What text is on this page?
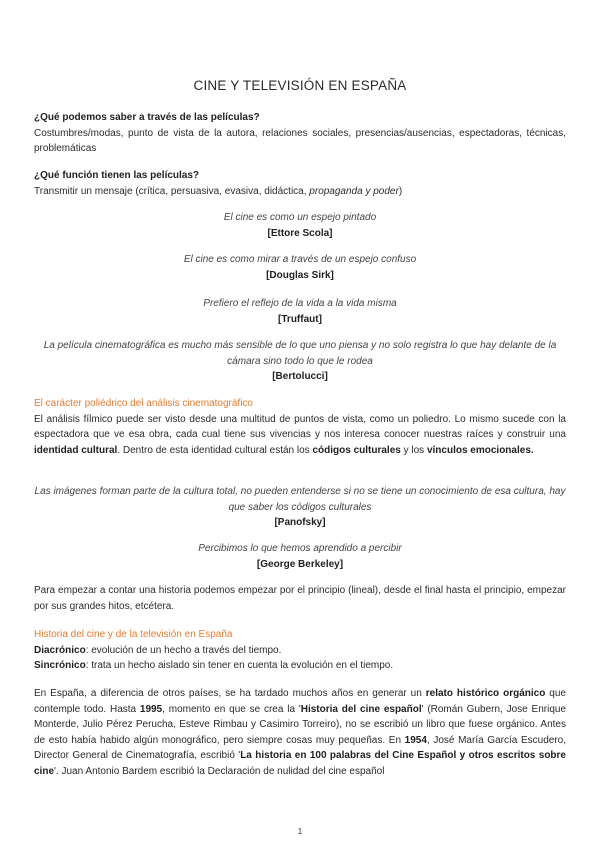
CINE Y TELEVISIÓN EN ESPAÑA

¿Qué podemos saber a través de las películas?

Costumbres/modas, punto de vista de la autora, relaciones sociales, presencias/ausencias, espectadoras, técnicas, problemáticas

¿Qué función tienen las películas?

Transmitir un mensaje (crítica, persuasiva, evasiva, didáctica, propaganda y poder)

El cine es como un espejo pintado

[Ettore Scola]

El cine es como mirar a través de un espejo confuso

[Douglas Sirk]

Prefiero el reflejo de la vida a la vida misma

[Truffaut]

La película cinematográfica es mucho más sensible de lo que uno piensa y no solo registra lo que hay delante de la cámara sino todo lo que le rodea

[Bertolucci]

El carácter poliédrico del análisis cinematográfico

El análisis fílmico puede ser visto desde una multitud de puntos de vista, como un poliedro. Lo mismo sucede con la espectadora que ve esa obra, cada cual tiene sus vivencias y nos interesa conocer nuestras raíces y construir una identidad cultural. Dentro de esta identidad cultural están los códigos culturales y los vínculos emocionales.

Las imágenes forman parte de la cultura total, no pueden entenderse si no se tiene un conocimiento de esa cultura, hay que saber los códigos culturales

[Panofsky]

Percibimos lo que hemos aprendido a percibir

[George Berkeley]

Para empezar a contar una historia podemos empezar por el principio (lineal), desde el final hasta el principio, empezar por sus grandes hitos, etcétera.

Historia del cine y de la televisión en España

Diacrónico: evolución de un hecho a través del tiempo.

Sincrónico: trata un hecho aislado sin tener en cuenta la evolución en el tiempo.

En España, a diferencia de otros países, se ha tardado muchos años en generar un relato histórico orgánico que contemple todo. Hasta 1995, momento en que se crea la 'Historia del cine español' (Román Gubern, Jose Enrique Monterde, Julio Pérez Perucha, Esteve Rimbau y Casimiro Torreiro), no se escribió un libro que fuese orgánico. Antes de esto había habido algún monográfico, pero siempre cosas muy pequeñas. En 1954, José María García Escudero, Director General de Cinematografía, escribió 'La historia en 100 palabras del Cine Español y otros escritos sobre cine'. Juan Antonio Bardem escribió la Declaración de nulidad del cine español

1
